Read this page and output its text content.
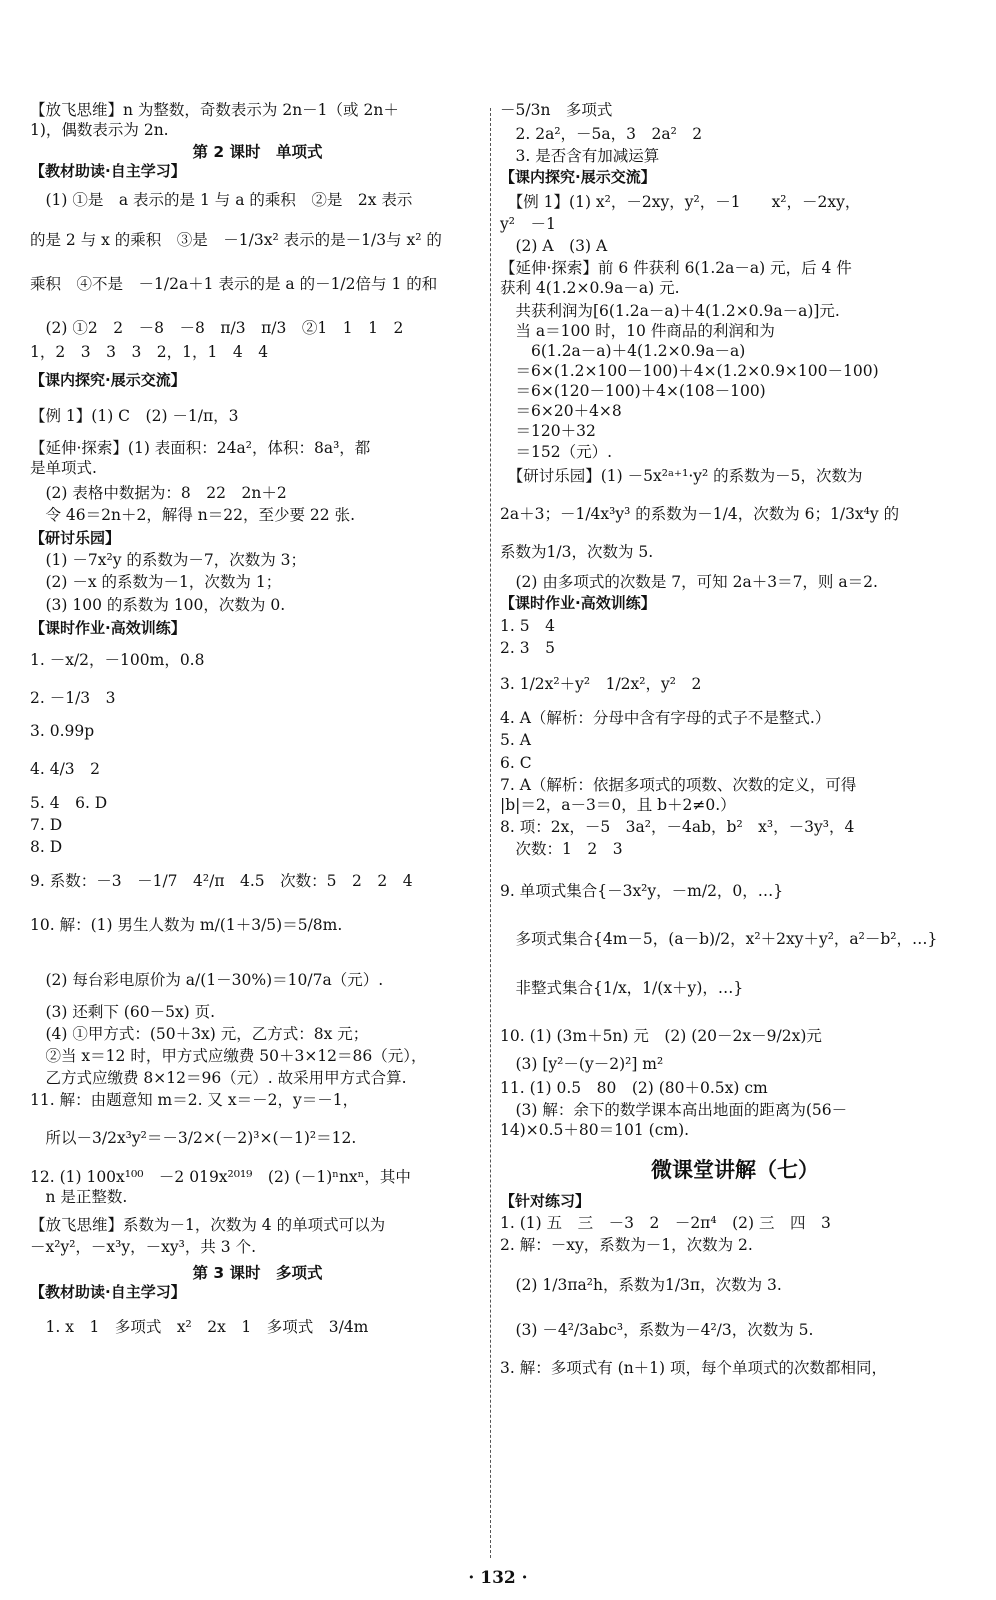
【放飞思维】n 为整数，奇数表示为 2n－1（或 2n＋
1)，偶数表示为 2n.
第 2 课时　单项式
【教材助读·自主学习】
　(1) ①是　a 表示的是 1 与 a 的乘积　②是　2x 表示
的是 2 与 x 的乘积　③是　－1/3x² 表示的是－1/3与 x² 的
乘积　④不是　－1/2a＋1 表示的是 a 的－1/2倍与 1 的和
　(2) ①2　2　－8　－8　π/3　π/3　②1　1　1　2
1，2　3　3　3　2，1，1　4　4
【课内探究·展示交流】
【例 1】(1) C　(2) －1/π，3
【延伸·探索】(1) 表面积：24a²，体积：8a³，都
是单项式.
　(2) 表格中数据为：8　22　2n＋2
　令 46＝2n＋2，解得 n＝22，至少要 22 张.
【研讨乐园】
　(1) －7x²y 的系数为－7，次数为 3；
　(2) －x 的系数为－1，次数为 1；
　(3) 100 的系数为 100，次数为 0.
【课时作业·高效训练】
1. －x/2，－100m，0.8
2. －1/3　3
3. 0.99p
4. 4/3　2
5. 4　6. D
7. D
8. D
9. 系数：－3　－1/7　4²/π　4.5　次数：5　2　2　4
10. 解：(1) 男生人数为 m/(1＋3/5)＝5/8m.
　(2) 每台彩电原价为 a/(1－30%)＝10/7a（元）.
　(3) 还剩下 (60－5x) 页.
　(4) ①甲方式：(50＋3x) 元，乙方式：8x 元；
　②当 x＝12 时，甲方式应缴费 50＋3×12＝86（元），
　乙方式应缴费 8×12＝96（元）. 故采用甲方式合算.
11. 解：由题意知 m＝2. 又 x＝－2，y＝－1，
　所以－3/2x³y²＝－3/2×(－2)³×(－1)²＝12.
12. (1) 100x¹⁰⁰　－2 019x²⁰¹⁹　(2) (－1)ⁿnxⁿ，其中
　n 是正整数.
【放飞思维】系数为－1，次数为 4 的单项式可以为
－x²y²，－x³y，－xy³，共 3 个.
第 3 课时　多项式
【教材助读·自主学习】
　1. x　1　多项式　x²　2x　1　多项式　3/4m
－5/3n　多项式
　2. 2a²，－5a，3　2a²　2
　3. 是否含有加减运算
【课内探究·展示交流】
　【例 1】(1) x²，－2xy，y²，－1　　x²，－2xy，
y²　－1
　(2) A　(3) A
【延伸·探索】前 6 件获利 6(1.2a－a) 元，后 4 件
获利 4(1.2×0.9a－a) 元.
　共获利润为[6(1.2a－a)＋4(1.2×0.9a－a)]元.
　当 a＝100 时，10 件商品的利润和为
　　6(1.2a－a)＋4(1.2×0.9a－a)
　＝6×(1.2×100－100)＋4×(1.2×0.9×100－100)
　＝6×(120－100)＋4×(108－100)
　＝6×20＋4×8
　＝120＋32
　＝152（元）.
　【研讨乐园】(1) －5x²ᵃ⁺¹·y² 的系数为－5，次数为
2a＋3；－1/4x³y³ 的系数为－1/4，次数为 6；1/3x⁴y 的
系数为1/3，次数为 5.
　(2) 由多项式的次数是 7，可知 2a＋3＝7，则 a＝2.
【课时作业·高效训练】
1. 5　4
2. 3　5
3. 1/2x²＋y²　1/2x²，y²　2
4. A（解析：分母中含有字母的式子不是整式.）
5. A
6. C
7. A（解析：依据多项式的项数、次数的定义，可得
|b|＝2，a－3＝0，且 b＋2≠0.）
8. 项：2x，－5　3a²，－4ab，b²　x³，－3y³，4
　次数：1　2　3
9. 单项式集合{－3x²y，－m/2，0，…}
　多项式集合{4m－5，(a－b)/2，x²＋2xy＋y²，a²－b²，…}
　非整式集合{1/x，1/(x＋y)，…}
10. (1) (3m＋5n) 元　(2) (20－2x－9/2x)元
　(3) [y²－(y－2)²] m²
11. (1) 0.5　80　(2) (80＋0.5x) cm
　(3) 解：余下的数学课本高出地面的距离为(56－
14)×0.5＋80＝101 (cm).
微课堂讲解（七）
【针对练习】
1. (1) 五　三　－3　2　－2π⁴　(2) 三　四　3
2. 解：－xy，系数为－1，次数为 2.
　(2) 1/3πa²h，系数为1/3π，次数为 3.
　(3) －4²/3abc³，系数为－4²/3，次数为 5.
3. 解：多项式有 (n＋1) 项，每个单项式的次数都相同，
· 132 ·
